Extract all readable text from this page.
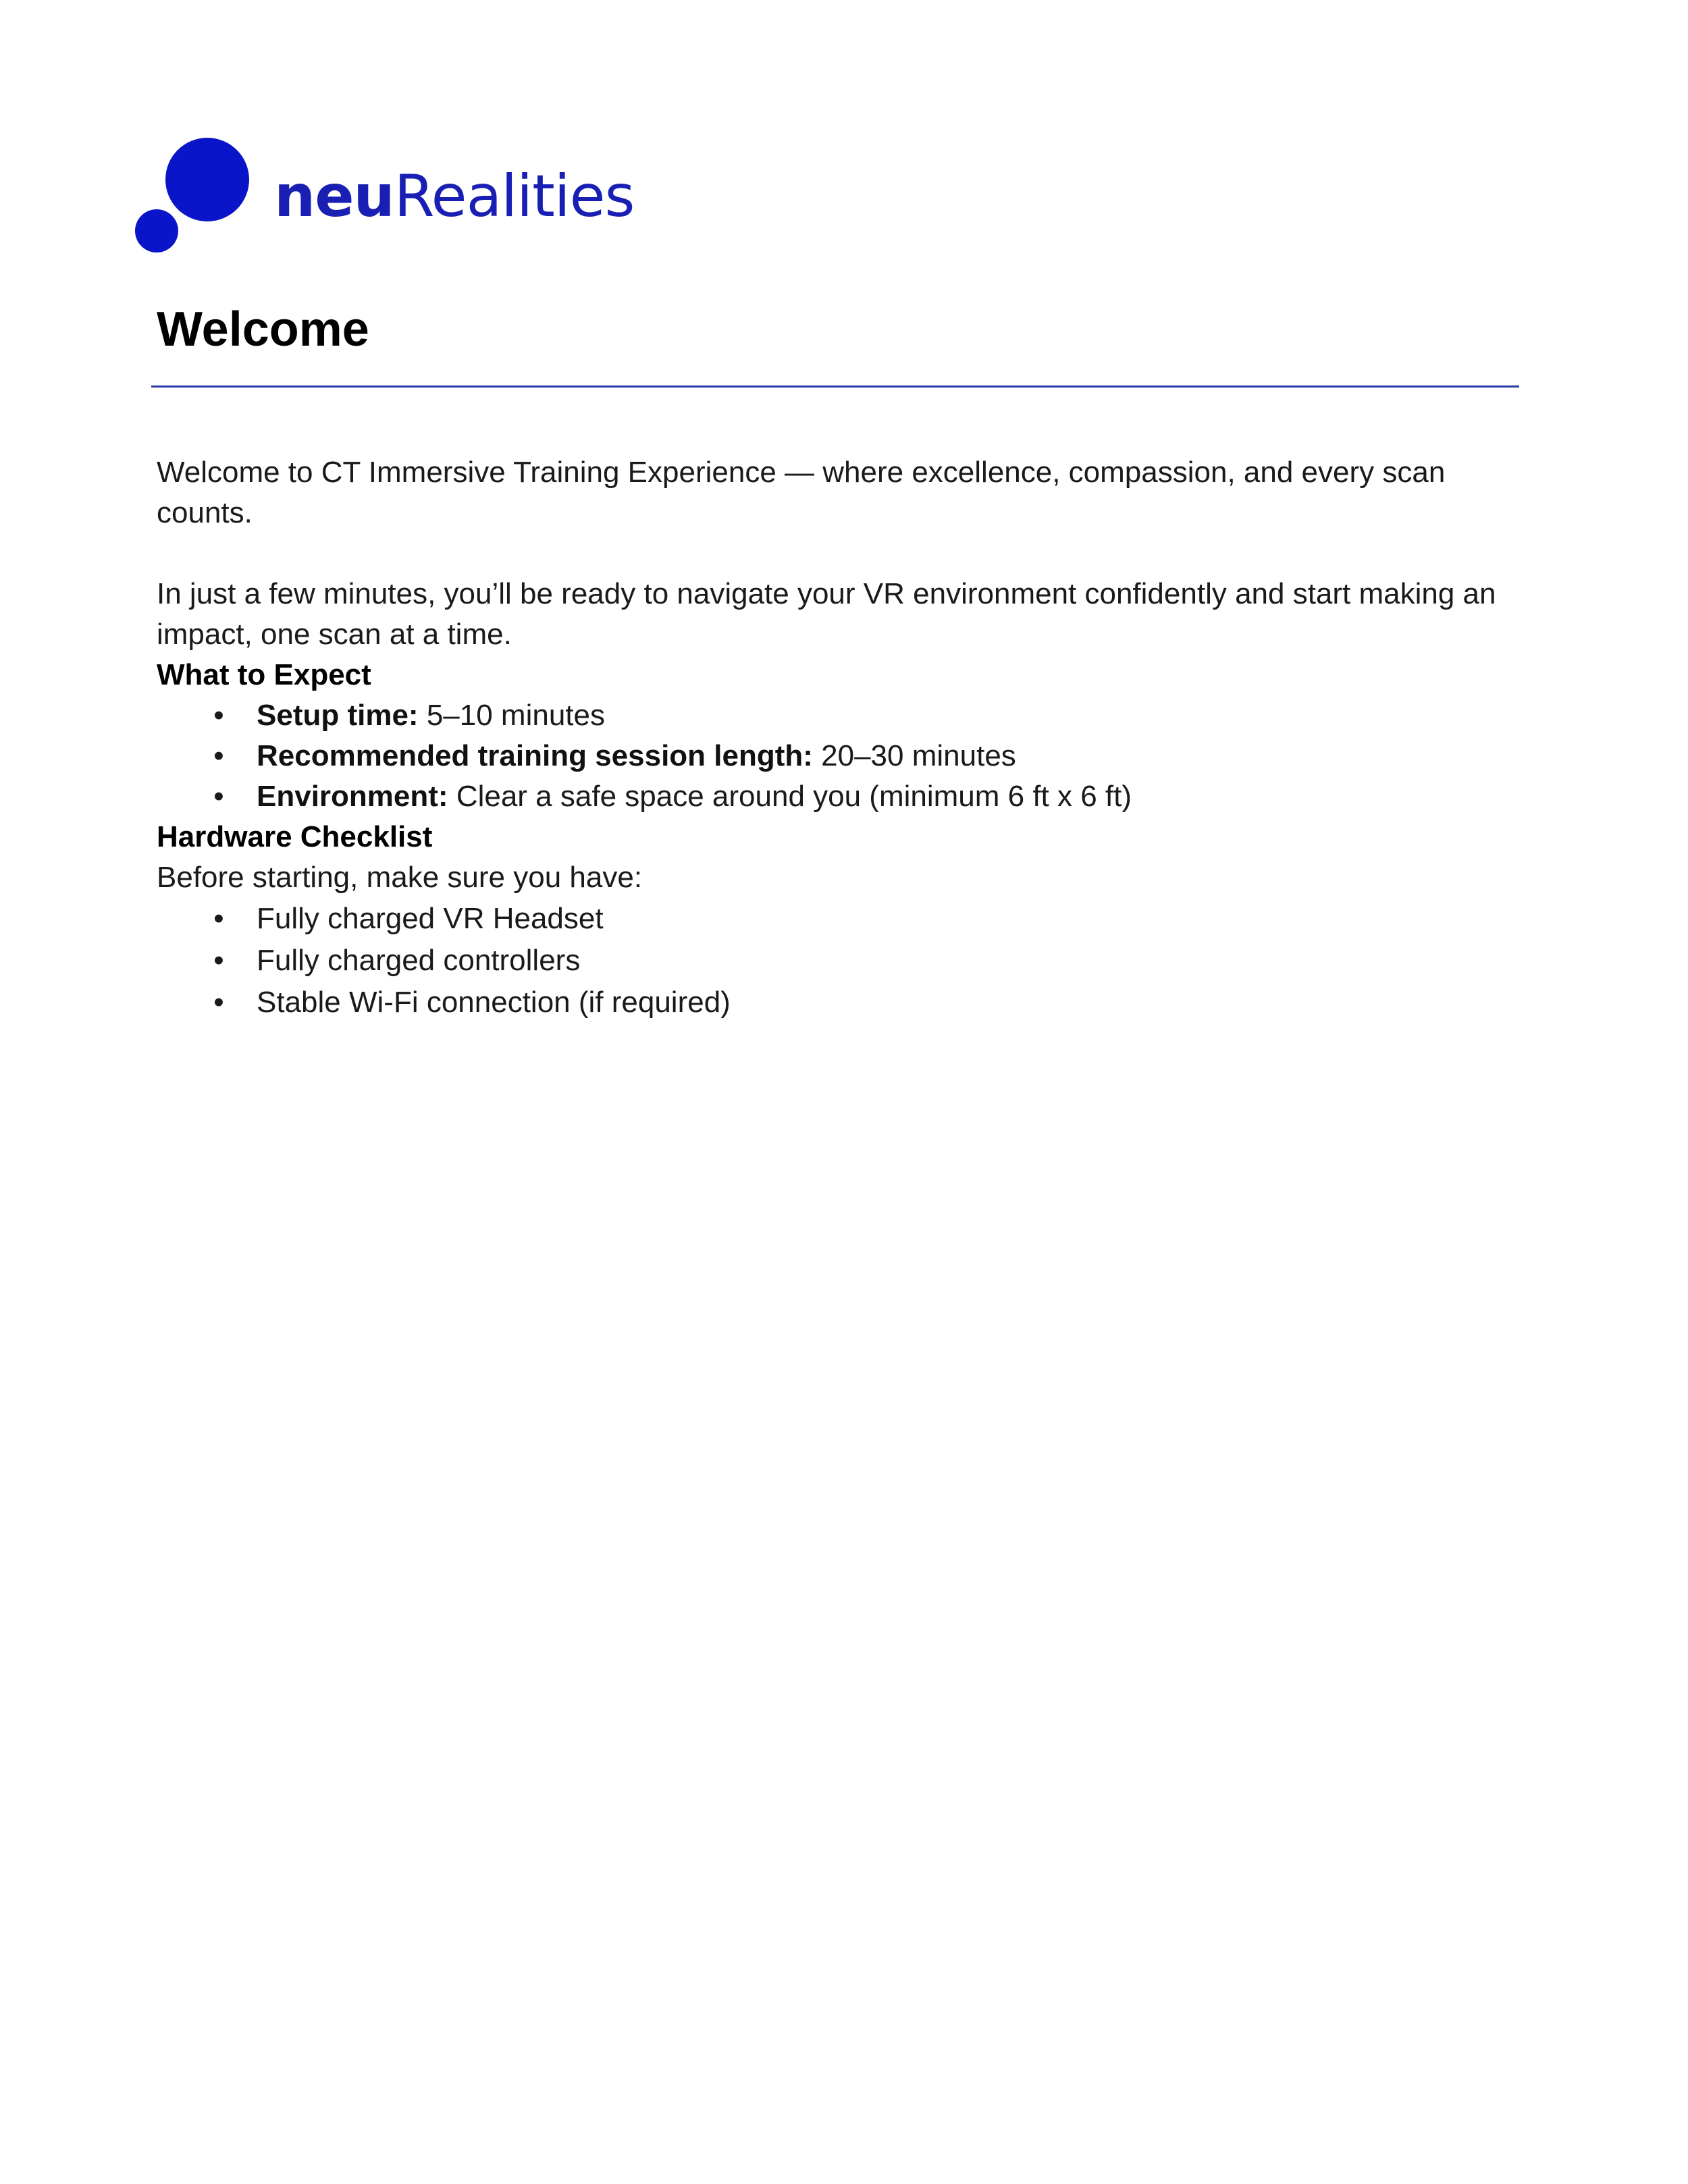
neuRealities
Welcome

Welcome to CT Immersive Training Experience — where excellence, compassion, and every scan counts.

In just a few minutes, you’ll be ready to navigate your VR environment confidently and start making an impact, one scan at a time.

What to Expect

• Setup time: 5–10 minutes
• Recommended training session length: 20–30 minutes
• Environment: Clear a safe space around you (minimum 6 ft x 6 ft)

Hardware Checklist

Before starting, make sure you have:

• Fully charged VR Headset
• Fully charged controllers
• Stable Wi-Fi connection (if required)
